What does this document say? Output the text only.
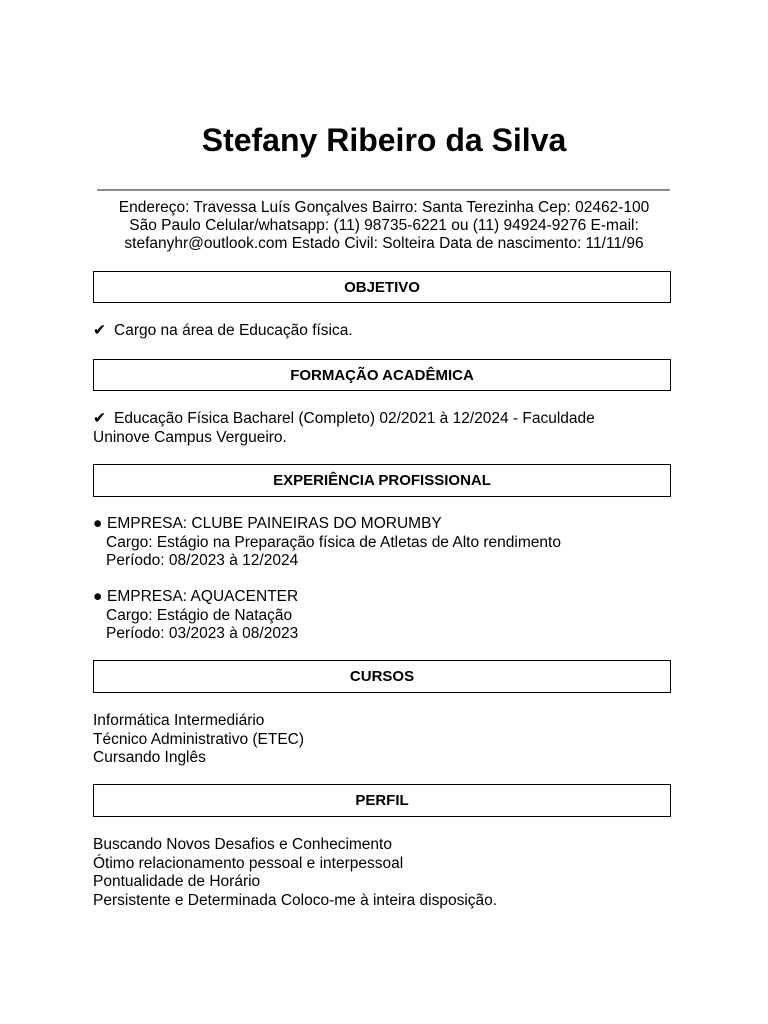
Stefany Ribeiro da Silva
Endereço: Travessa Luís Gonçalves Bairro: Santa Terezinha Cep: 02462-100
São Paulo Celular/whatsapp: (11) 98735-6221 ou (11) 94924-9276 E-mail:
stefanyhr@outlook.com Estado Civil: Solteira Data de nascimento: 11/11/96
OBJETIVO
✔ Cargo na área de Educação física.
FORMAÇÃO ACADÊMICA
✔ Educação Física Bacharel (Completo) 02/2021 à 12/2024 - Faculdade
Uninove Campus Vergueiro.
EXPERIÊNCIA PROFISSIONAL
● EMPRESA: CLUBE PAINEIRAS DO MORUMBY
Cargo: Estágio na Preparação física de Atletas de Alto rendimento
Período: 08/2023 à 12/2024
● EMPRESA: AQUACENTER
Cargo: Estágio de Natação
Período: 03/2023 à 08/2023
CURSOS
Informática Intermediário
Técnico Administrativo (ETEC)
Cursando Inglês
PERFIL
Buscando Novos Desafios e Conhecimento
Ótimo relacionamento pessoal e interpessoal
Pontualidade de Horário
Persistente e Determinada Coloco-me à inteira disposição.
